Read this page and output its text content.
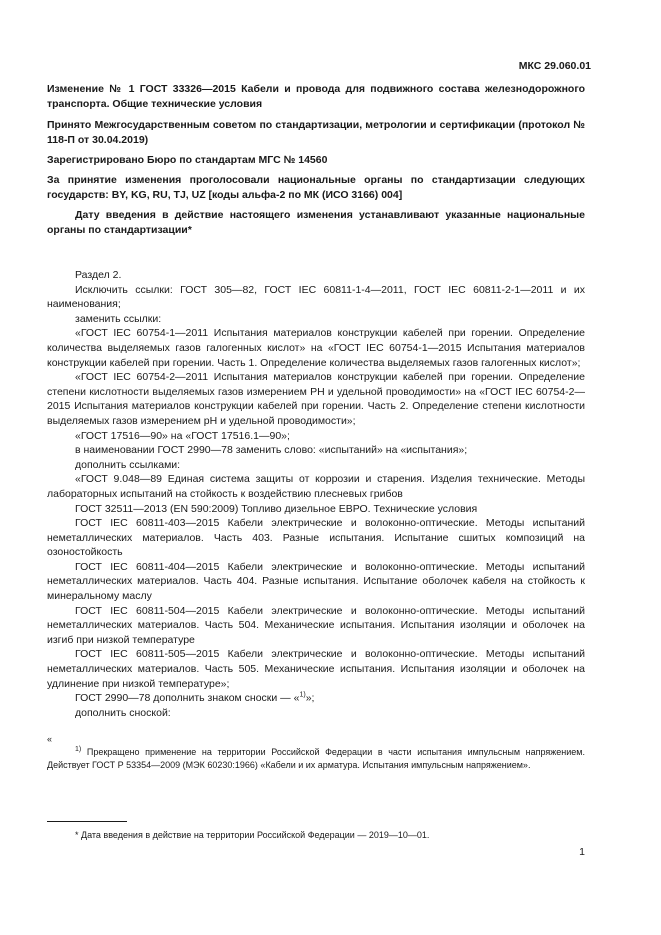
МКС 29.060.01

Изменение № 1 ГОСТ 33326—2015 Кабели и провода для подвижного состава железнодорожного транспорта. Общие технические условия

Принято Межгосударственным советом по стандартизации, метрологии и сертификации (протокол № 118-П от 30.04.2019)

Зарегистрировано Бюро по стандартам МГС № 14560

За принятие изменения проголосовали национальные органы по стандартизации следующих государств: BY, KG, RU, TJ, UZ [коды альфа-2 по МК (ИСО 3166) 004]

Дату введения в действие настоящего изменения устанавливают указанные национальные органы по стандартизации*

Раздел 2.

Исключить ссылки: ГОСТ 305—82, ГОСТ IEC 60811-1-4—2011, ГОСТ IEC 60811-2-1—2011 и их наименования;

заменить ссылки:

«ГОСТ IEC 60754-1—2011 Испытания материалов конструкции кабелей при горении. Определение количества выделяемых газов галогенных кислот» на «ГОСТ IEC 60754-1—2015 Испытания материалов конструкции кабелей при горении. Часть 1. Определение количества выделяемых газов галогенных кислот»;

«ГОСТ IEC 60754-2—2011 Испытания материалов конструкции кабелей при горении. Определение степени кислотности выделяемых газов измерением РН и удельной проводимости» на «ГОСТ IEC 60754-2—2015 Испытания материалов конструкции кабелей при горении. Часть 2. Определение степени кислотности выделяемых газов измерением pH и удельной проводимости»;

«ГОСТ 17516—90» на «ГОСТ 17516.1—90»;

в наименовании ГОСТ 2990—78 заменить слово: «испытаний» на «испытания»;

дополнить ссылками:

«ГОСТ 9.048—89 Единая система защиты от коррозии и старения. Изделия технические. Методы лабораторных испытаний на стойкость к воздействию плесневых грибов

ГОСТ 32511—2013 (EN 590:2009) Топливо дизельное ЕВРО. Технические условия

ГОСТ IEC 60811-403—2015 Кабели электрические и волоконно-оптические. Методы испытаний неметаллических материалов. Часть 403. Разные испытания. Испытание сшитых композиций на озоностойкость

ГОСТ IEC 60811-404—2015 Кабели электрические и волоконно-оптические. Методы испытаний неметаллических материалов. Часть 404. Разные испытания. Испытание оболочек кабеля на стойкость к минеральному маслу

ГОСТ IEC 60811-504—2015 Кабели электрические и волоконно-оптические. Методы испытаний неметаллических материалов. Часть 504. Механические испытания. Испытания изоляции и оболочек на изгиб при низкой температуре

ГОСТ IEC 60811-505—2015 Кабели электрические и волоконно-оптические. Методы испытаний неметаллических материалов. Часть 505. Механические испытания. Испытания изоляции и оболочек на удлинение при низкой температуре»;

ГОСТ 2990—78 дополнить знаком сноски — «$^{1)}$»;

дополнить сноской:

«

$^{1)}$ Прекращено применение на территории Российской Федерации в части испытания импульсным напряжением. Действует ГОСТ Р 53354—2009 (МЭК 60230:1966) «Кабели и их арматура. Испытания импульсным напряжением».

* Дата введения в действие на территории Российской Федерации — 2019—10—01.
1
